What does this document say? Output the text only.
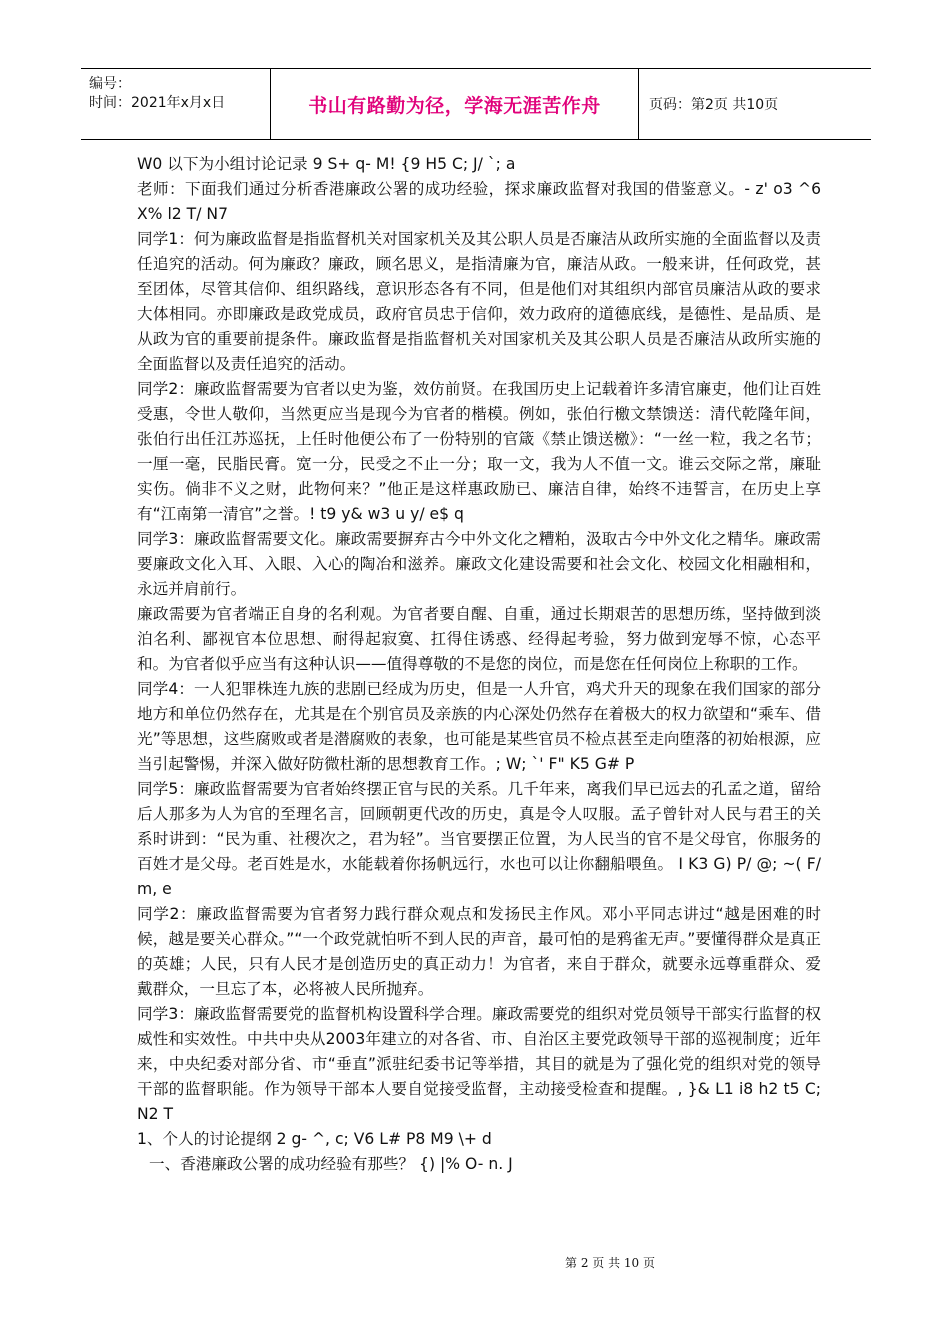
编号：
时间：2021年x月x日	书山有路勤为径，学海无涯苦作舟	页码：第2页 共10页

W0 以下为小组讨论记录 9 S+ q- M! {9 H5 C; J/ `; a

老师：下面我们通过分析香港廉政公署的成功经验，探求廉政监督对我国的借鉴意义。- z' o3 ^6 X% l2 T/ N7

同学1：何为廉政监督是指监督机关对国家机关及其公职人员是否廉洁从政所实施的全面监督以及责任追究的活动。何为廉政？廉政，顾名思义，是指清廉为官，廉洁从政。一般来讲，任何政党，甚至团体，尽管其信仰、组织路线，意识形态各有不同，但是他们对其组织内部官员廉洁从政的要求大体相同。亦即廉政是政党成员，政府官员忠于信仰，效力政府的道德底线，是德性、是品质、是从政为官的重要前提条件。廉政监督是指监督机关对国家机关及其公职人员是否廉洁从政所实施的全面监督以及责任追究的活动。

同学2：廉政监督需要为官者以史为鉴，效仿前贤。在我国历史上记载着许多清官廉吏，他们让百姓受惠，令世人敬仰，当然更应当是现今为官者的楷模。例如，张伯行檄文禁馈送：清代乾隆年间，张伯行出任江苏巡抚，上任时他便公布了一份特别的官箴《禁止馈送檄》：“一丝一粒，我之名节；一厘一毫，民脂民膏。宽一分，民受之不止一分；取一文，我为人不值一文。谁云交际之常，廉耻实伤。倘非不义之财，此物何来？”他正是这样惠政励已、廉洁自律，始终不违誓言，在历史上享有“江南第一清官”之誉。! t9 y& w3 u y/ e$ q

同学3：廉政监督需要文化。廉政需要摒弃古今中外文化之糟粕，汲取古今中外文化之精华。廉政需要廉政文化入耳、入眼、入心的陶冶和滋养。廉政文化建设需要和社会文化、校园文化相融相和，永远并肩前行。

廉政需要为官者端正自身的名利观。为官者要自醒、自重，通过长期艰苦的思想历练，坚持做到淡泊名利、鄙视官本位思想、耐得起寂寞、扛得住诱惑、经得起考验，努力做到宠辱不惊，心态平和。为官者似乎应当有这种认识——值得尊敬的不是您的岗位，而是您在任何岗位上称职的工作。

同学4：一人犯罪株连九族的悲剧已经成为历史，但是一人升官，鸡犬升天的现象在我们国家的部分地方和单位仍然存在，尤其是在个别官员及亲族的内心深处仍然存在着极大的权力欲望和“乘车、借光”等思想，这些腐败或者是潜腐败的表象，也可能是某些官员不检点甚至走向堕落的初始根源，应当引起警惕，并深入做好防微杜渐的思想教育工作。; W; `' F" K5 G# P

同学5：廉政监督需要为官者始终摆正官与民的关系。几千年来，离我们早已远去的孔孟之道，留给后人那多为人为官的至理名言，回顾朝更代改的历史，真是令人叹服。孟子曾针对人民与君王的关系时讲到：“民为重、社稷次之，君为轻”。当官要摆正位置，为人民当的官不是父母官，你服务的百姓才是父母。老百姓是水，水能载着你扬帆远行，水也可以让你翻船喂鱼。 I K3 G) P/ @; ~( F/ m, e

同学2：廉政监督需要为官者努力践行群众观点和发扬民主作风。邓小平同志讲过“越是困难的时候，越是要关心群众。”“一个政党就怕听不到人民的声音，最可怕的是鸦雀无声。”要懂得群众是真正的英雄；人民，只有人民才是创造历史的真正动力！为官者，来自于群众，就要永远尊重群众、爱戴群众，一旦忘了本，必将被人民所抛弃。

同学3：廉政监督需要党的监督机构设置科学合理。廉政需要党的组织对党员领导干部实行监督的权威性和实效性。中共中央从2003年建立的对各省、市、自治区主要党政领导干部的巡视制度；近年来，中央纪委对部分省、市“垂直”派驻纪委书记等举措，其目的就是为了强化党的组织对党的领导干部的监督职能。作为领导干部本人要自觉接受监督，主动接受检查和提醒。, }& L1 i8 h2 t5 C; N2 T

1、个人的讨论提纲 2 g- ^, c; V6 L# P8 M9 \+ d

一、香港廉政公署的成功经验有那些？ {) |% O- n. J

第 2 页 共 10 页
